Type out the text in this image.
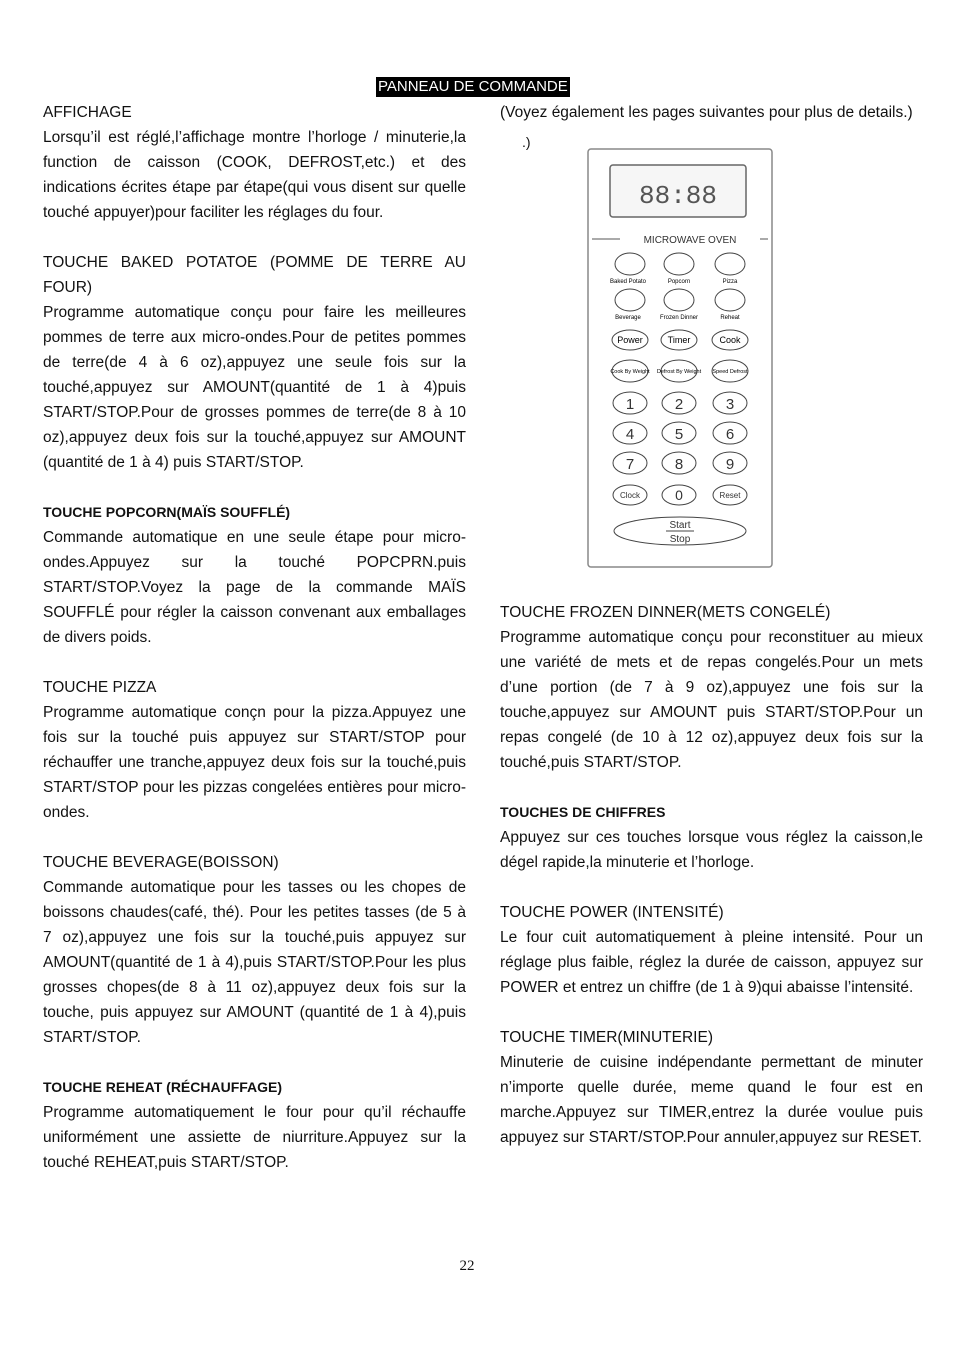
PANNEAU DE COMMANDE

AFFICHAGE

Lorsqu’il est réglé,l’affichage montre l’horloge / minuterie,la function de caisson (COOK, DEFROST,etc.) et des indications écrites étape par étape(qui vous disent sur quelle touché appuyer)pour faciliter les réglages du four.

TOUCHE BAKED POTATOE (POMME DE TERRE AU FOUR)

Programme automatique conçu pour faire les meilleures pommes de terre aux micro-ondes.Pour de petites pommes de terre(de 4 à 6 oz),appuyez une seule fois sur la touché,appuyez sur AMOUNT(quantité de 1 à 4)puis START/STOP.Pour de grosses pommes de terre(de 8 à 10 oz),appuyez deux fois sur la touché,appuyez sur AMOUNT (quantité de 1 à 4) puis START/STOP.

TOUCHE POPCORN(MAÏS SOUFFLÉ)

Commande automatique en une seule étape pour micro-ondes.Appuyez sur la touché POPCPRN.puis START/STOP.Voyez la page de la commande MAÏS SOUFFLÉ pour régler la caisson convenant aux emballages de divers poids.

TOUCHE PIZZA

Programme automatique conçn pour la pizza.Appuyez une fois sur la touché puis appuyez sur START/STOP pour réchauffer une tranche,appuyez deux fois sur la touché,puis START/STOP pour les pizzas congelées entières pour micro-ondes.

TOUCHE BEVERAGE(BOISSON)

Commande automatique pour les tasses ou les chopes de boissons chaudes(café, thé). Pour les petites tasses (de 5 à 7 oz),appuyez une fois sur la touché,puis appuyez sur AMOUNT(quantité de 1 à 4),puis START/STOP.Pour les plus grosses chopes(de 8 à 11 oz),appuyez deux fois sur la touche, puis appuyez sur AMOUNT (quantité de 1 à 4),puis START/STOP.

TOUCHE REHEAT (RÉCHAUFFAGE)

Programme automatiquement le four pour qu’il réchauffe uniformément une assiette de niurriture.Appuyez sur la touché REHEAT,puis START/STOP.

(Voyez également les pages suivantes pour plus de details.)

.)
88:88
MICROWAVE OVEN
Baked Potato	Popcorn	Pizza
Beverage	Frozen Dinner	Reheat
Power	Timer	Cook
Cook By Weight Defrost By Weight Speed Defrost
1	2	3
4	5	6
7	8	9
Clock	0	Reset
Start
Stop

TOUCHE FROZEN DINNER(METS CONGELÉ)

Programme automatique conçu pour reconstituer au mieux une variété de mets et de repas congelés.Pour un mets d’une portion (de 7 à 9 oz),appuyez une fois sur la touche,appuyez sur AMOUNT puis START/STOP.Pour un repas congelé (de 10 à 12 oz),appuyez deux fois sur la touché,puis START/STOP.

TOUCHES DE CHIFFRES

Appuyez sur ces touches lorsque vous réglez la caisson,le dégel rapide,la minuterie et l’horloge.

TOUCHE POWER (INTENSITÉ)

Le four cuit automatiquement à pleine intensité. Pour un réglage plus faible, réglez la durée de caisson, appuyez sur POWER et entrez un chiffre (de 1 à 9)qui abaisse l’intensité.

TOUCHE TIMER(MINUTERIE)

Minuterie de cuisine indépendante permettant de minuter n’importe quelle durée, meme quand le four est en marche.Appuyez sur TIMER,entrez la durée voulue puis appuyez sur START/STOP.Pour annuler,appuyez sur RESET.

22
